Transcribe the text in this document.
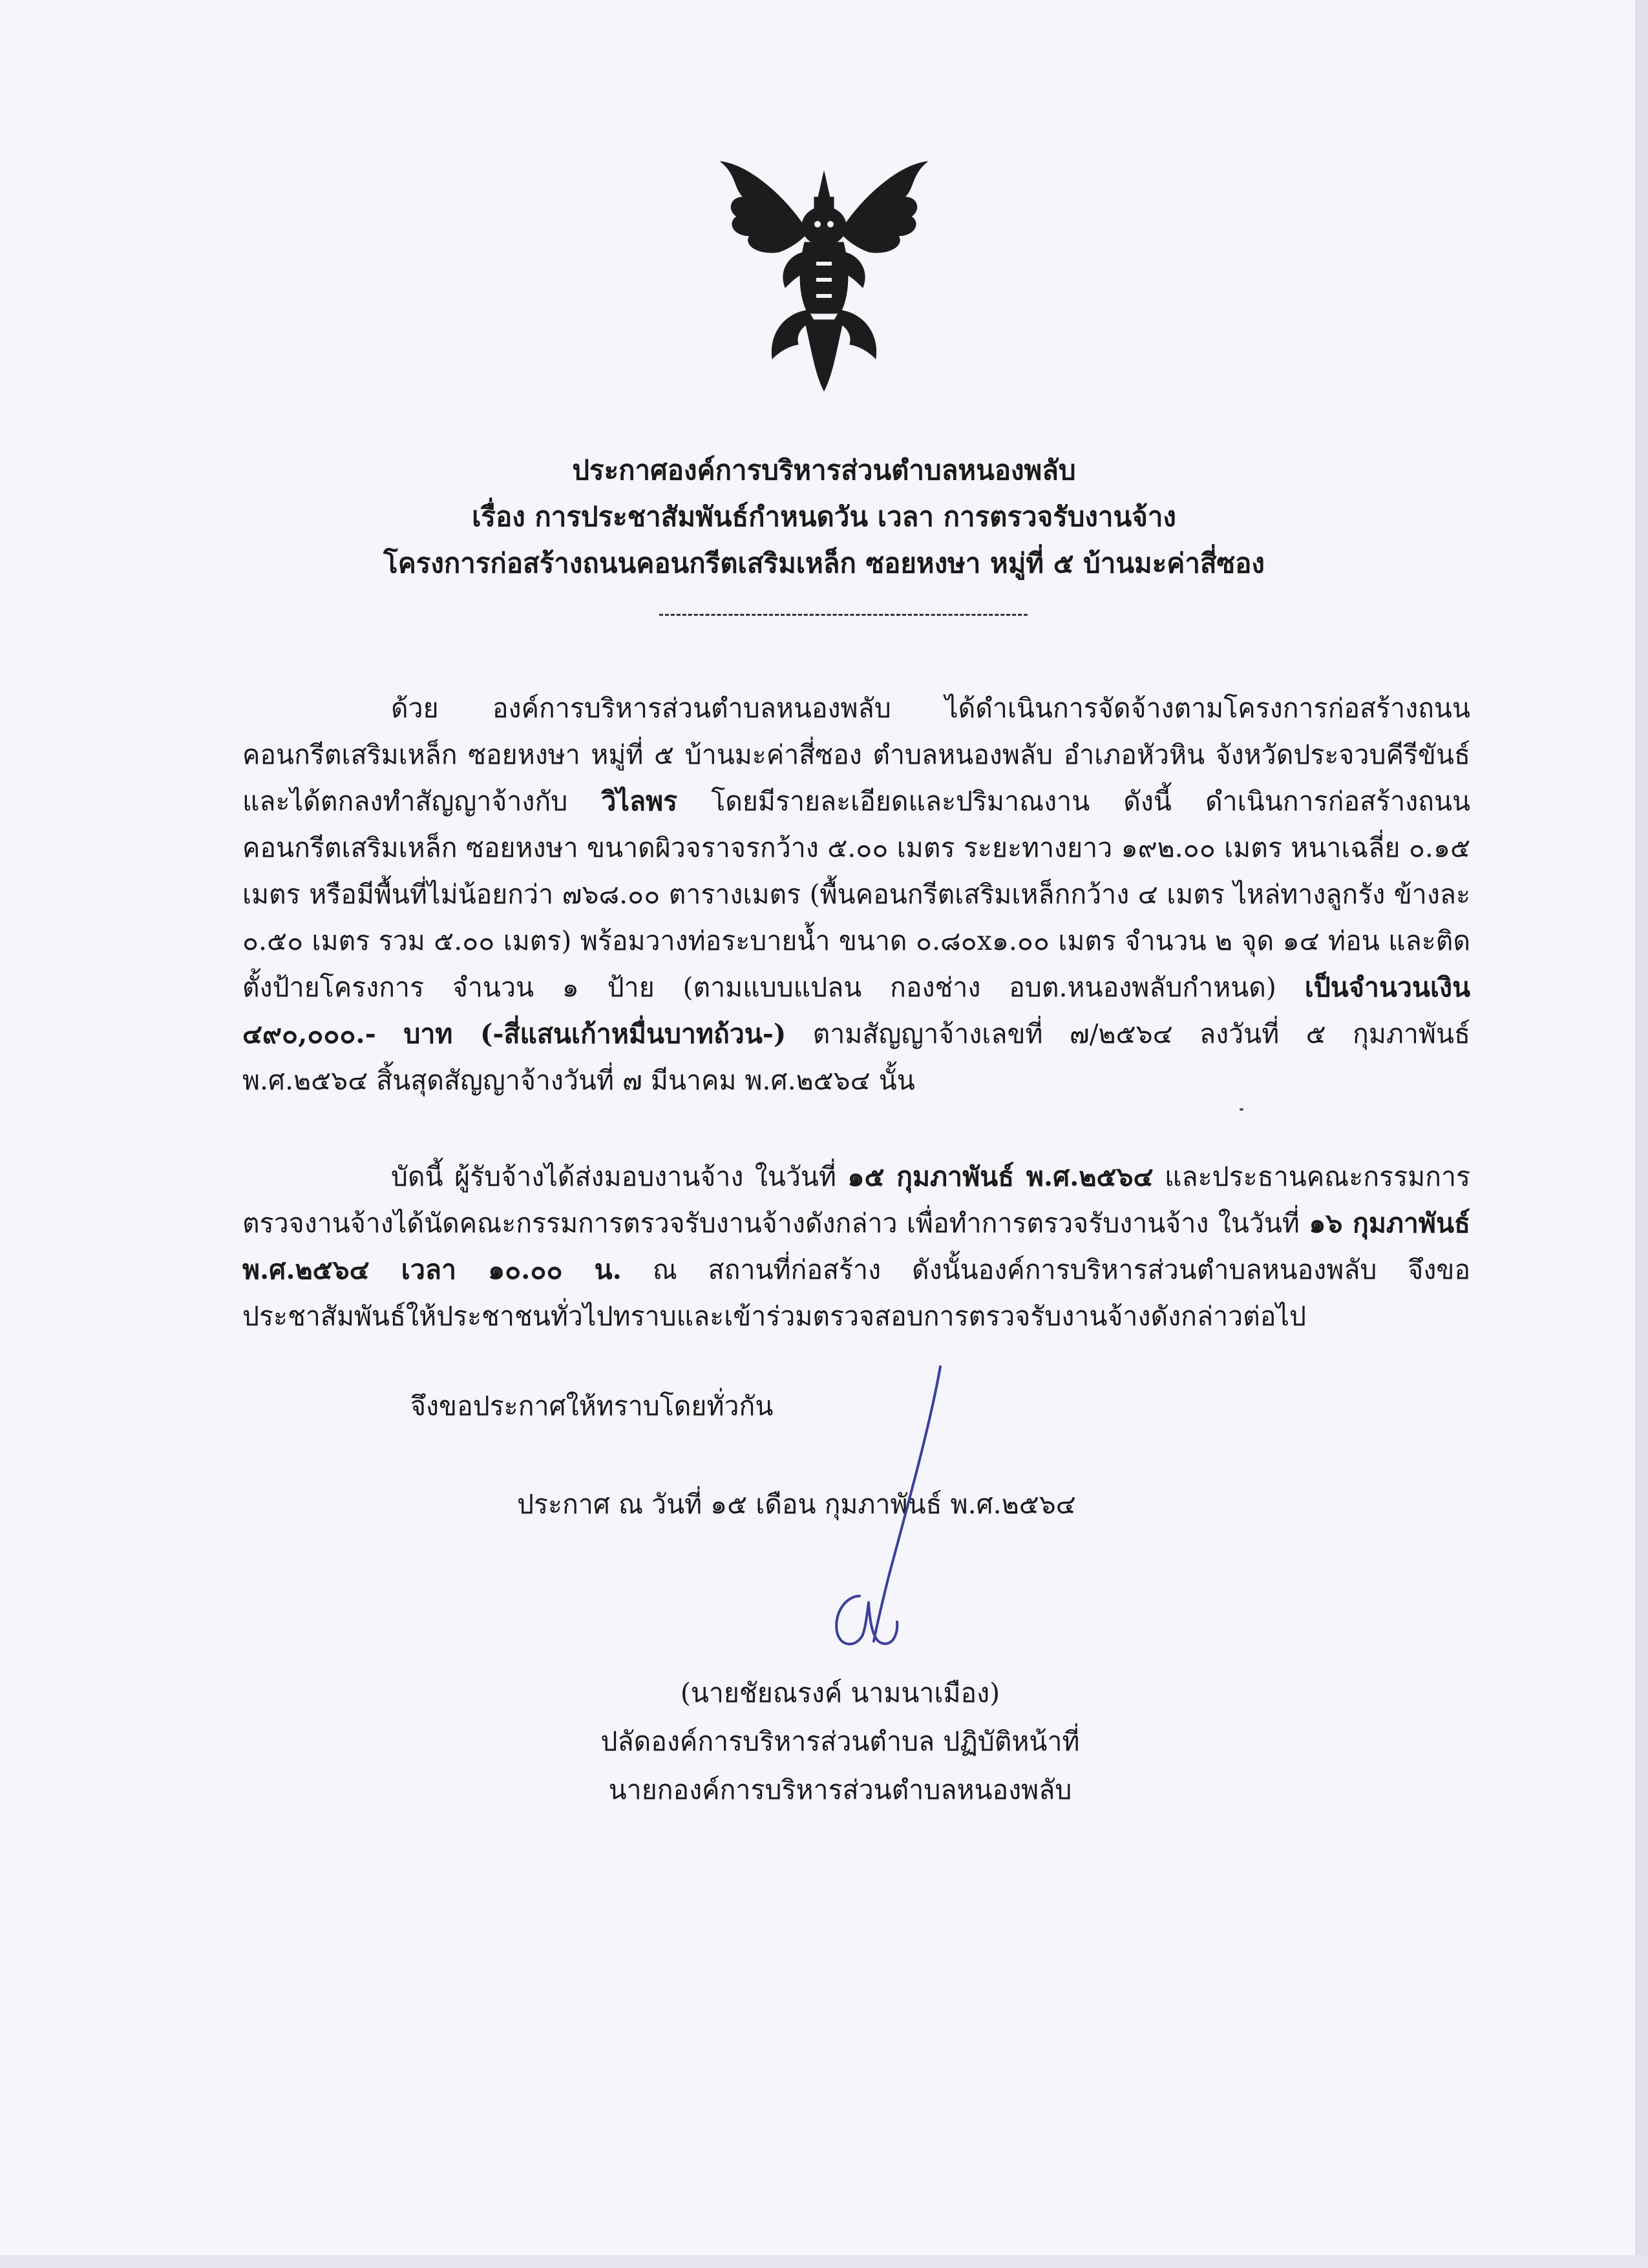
ประกาศองค์การบริหารส่วนตำบลหนองพลับ
เรื่อง การประชาสัมพันธ์กำหนดวัน เวลา การตรวจรับงานจ้าง
โครงการก่อสร้างถนนคอนกรีตเสริมเหล็ก ซอยหงษา หมู่ที่ ๕ บ้านมะค่าสี่ซอง
ด้วย องค์การบริหารส่วนตำบลหนองพลับ ได้ดำเนินการจัดจ้างตามโครงการก่อสร้างถนนคอนกรีตเสริมเหล็ก ซอยหงษา หมู่ที่ ๕ บ้านมะค่าสี่ซอง ตำบลหนองพลับ อำเภอหัวหิน จังหวัดประจวบคีรีขันธ์ และได้ตกลงทำสัญญาจ้างกับ วิไลพร โดยมีรายละเอียดและปริมาณงาน ดังนี้ ดำเนินการก่อสร้างถนนคอนกรีตเสริมเหล็ก ซอยหงษา ขนาดผิวจราจรกว้าง ๕.๐๐ เมตร ระยะทางยาว ๑๙๒.๐๐ เมตร หนาเฉลี่ย ๐.๑๕ เมตร หรือมีพื้นที่ไม่น้อยกว่า ๗๖๘.๐๐ ตารางเมตร (พื้นคอนกรีตเสริมเหล็กกว้าง ๔ เมตร ไหล่ทางลูกรัง ข้างละ ๐.๕๐ เมตร รวม ๕.๐๐ เมตร) พร้อมวางท่อระบายน้ำ ขนาด ๐.๘๐x๑.๐๐ เมตร จำนวน ๒ จุด ๑๔ ท่อน และติดตั้งป้ายโครงการ จำนวน ๑ ป้าย (ตามแบบแปลน กองช่าง อบต.หนองพลับกำหนด) เป็นจำนวนเงิน ๔๙๐,๐๐๐.- บาท (-สี่แสนเก้าหมื่นบาทถ้วน-) ตามสัญญาจ้างเลขที่ ๗/๒๕๖๔ ลงวันที่ ๕ กุมภาพันธ์ พ.ศ.๒๕๖๔ สิ้นสุดสัญญาจ้างวันที่ ๗ มีนาคม พ.ศ.๒๕๖๔ นั้น
บัดนี้ ผู้รับจ้างได้ส่งมอบงานจ้าง ในวันที่ ๑๕ กุมภาพันธ์ พ.ศ.๒๕๖๔ และประธานคณะกรรมการตรวจงานจ้างได้นัดคณะกรรมการตรวจรับงานจ้างดังกล่าว เพื่อทำการตรวจรับงานจ้าง ในวันที่ ๑๖ กุมภาพันธ์ พ.ศ.๒๕๖๔ เวลา ๑๐.๐๐ น. ณ สถานที่ก่อสร้าง ดังนั้นองค์การบริหารส่วนตำบลหนองพลับ จึงขอประชาสัมพันธ์ให้ประชาชนทั่วไปทราบและเข้าร่วมตรวจสอบการตรวจรับงานจ้างดังกล่าวต่อไป
จึงขอประกาศให้ทราบโดยทั่วกัน
ประกาศ ณ วันที่ ๑๕ เดือน กุมภาพันธ์ พ.ศ.๒๕๖๔
(นายชัยณรงค์ นามนาเมือง)
ปลัดองค์การบริหารส่วนตำบล ปฏิบัติหน้าที่
นายกองค์การบริหารส่วนตำบลหนองพลับ
